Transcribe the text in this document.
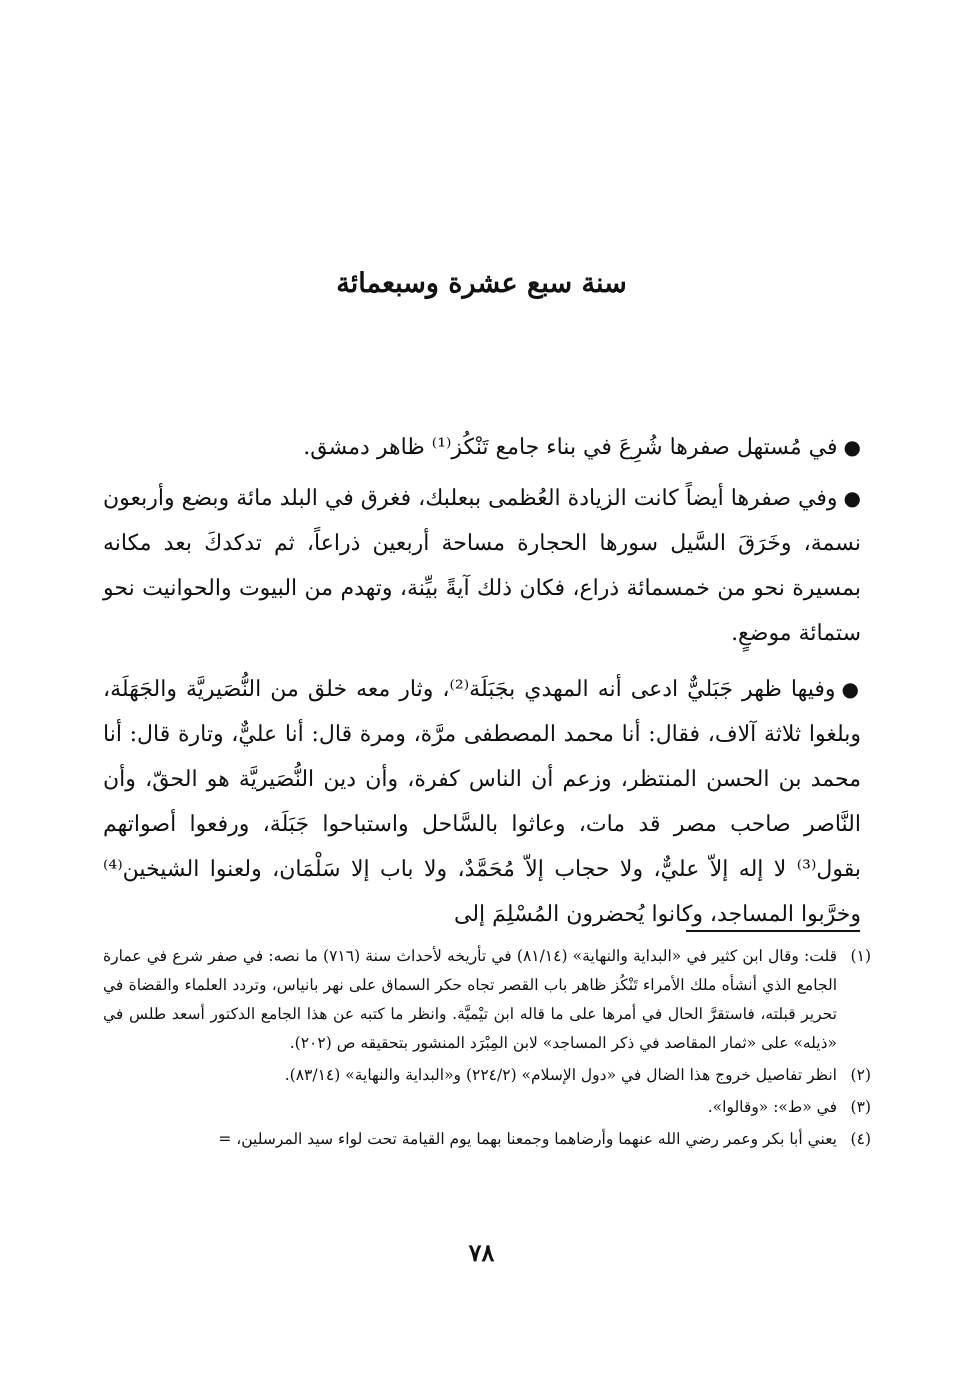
سنة سبع عشرة وسبعمائة

●في مُستهل صفرها شُرِعَ في بناء جامع تَنْكُز⁽¹⁾ ظاهر دمشق.

●وفي صفرها أيضاً كانت الزيادة العُظمى ببعلبك، فغرق في البلد مائة وبضع وأربعون نسمة، وخَرَقَ السَّيل سورها الحجارة مساحة أربعين ذراعاً، ثم تدكدكَ بعد مكانه بمسيرة نحو من خمسمائة ذراع، فكان ذلك آيةً بيِّنة، وتهدم من البيوت والحوانيت نحو ستمائة موضعٍ.

●وفيها ظهر جَبَليٌّ ادعى أنه المهدي بجَبَلَة⁽²⁾، وثار معه خلق من النُّصَيريَّة والجَهَلَة، وبلغوا ثلاثة آلاف، فقال: أنا محمد المصطفى مرَّة، ومرة قال: أنا عليٌّ، وتارة قال: أنا محمد بن الحسن المنتظر، وزعم أن الناس كفرة، وأن دين النُّصَيريَّة هو الحقّ، وأن النَّاصر صاحب مصر قد مات، وعاثوا بالسَّاحل واستباحوا جَبَلَة، ورفعوا أصواتهم بقول⁽³⁾ لا إله إلاّ عليٌّ، ولا حجاب إلاّ مُحَمَّدٌ، ولا باب إلا سَلْمَان، ولعنوا الشيخين⁽⁴⁾ وخرَّبوا المساجد، وكانوا يُحضرون المُسْلِمَ إلى

(١)
قلت: وقال ابن كثير في «البداية والنهاية» (٨١/١٤) في تأريخه لأحداث سنة (٧١٦) ما نصه: في صفر شرع في عمارة الجامع الذي أنشأه ملك الأمراء تَنْكُز ظاهر باب القصر تجاه حكر السماق على نهر بانياس، وتردد العلماء والقضاة في تحرير قبلته، فاستقرَّ الحال في أمرها على ما قاله ابن تيْميَّة. وانظر ما كتبه عن هذا الجامع الدكتور أسعد طلس في «ذيله» على «ثمار المقاصد في ذكر المساجد» لابن المِبْرَد المنشور بتحقيقه ص (٢٠٢).

(٢)
انظر تفاصيل خروج هذا الضال في «دول الإسلام» (٢٢٤/٢) و«البداية والنهاية» (٨٣/١٤).

(٣)
في «ط»: «وقالوا».

(٤)
يعني أبا بكر وعمر رضي الله عنهما وأرضاهما وجمعنا بهما يوم القيامة تحت لواء سيد المرسلين، =

٧٨
